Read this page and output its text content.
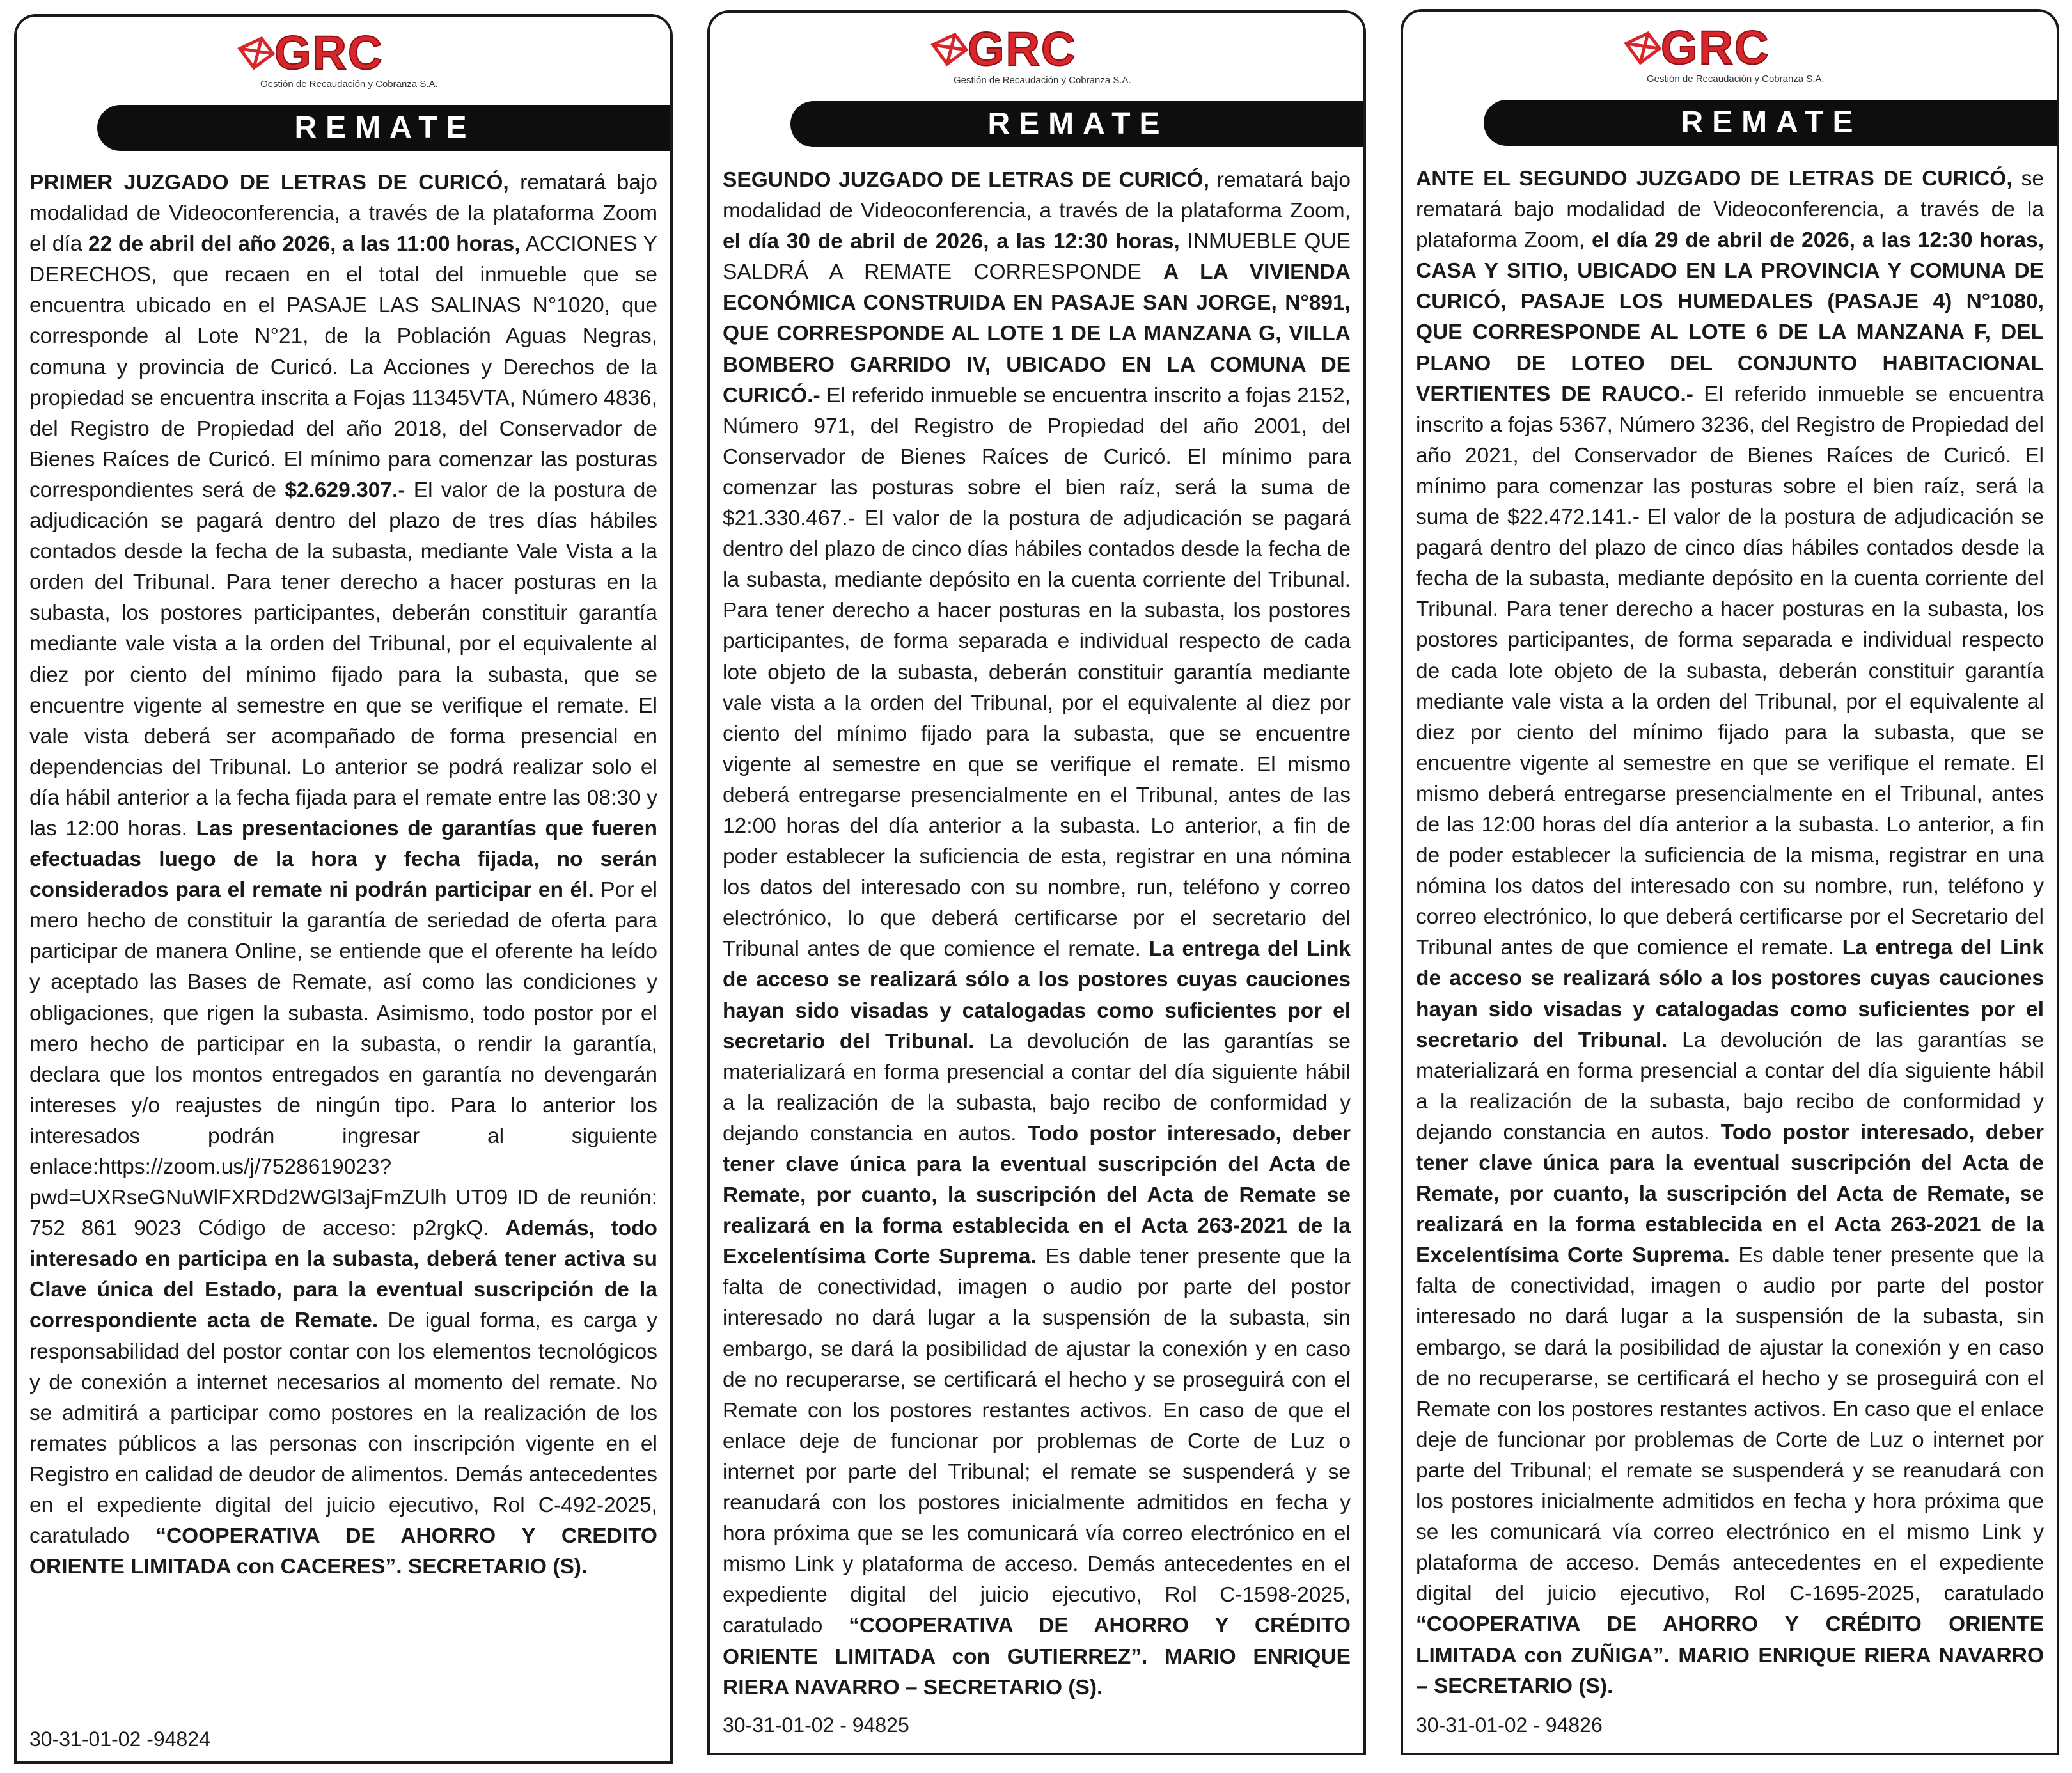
GRC
Gestión de Recaudación y Cobranza S.A.
REMATE
PRIMER JUZGADO DE LETRAS DE CURICÓ, rematará bajo modalidad de Videoconferencia, a través de la plataforma Zoom el día 22 de abril del año 2026, a las 11:00 horas, ACCIONES Y DERECHOS, que recaen en el total del inmueble que se encuentra ubicado en el PASAJE LAS SALINAS N°1020, que corresponde al Lote N°21, de la Población Aguas Negras, comuna y provincia de Curicó. La Acciones y Derechos de la propiedad se encuentra inscrita a Fojas 11345VTA, Número 4836, del Registro de Propiedad del año 2018, del Conservador de Bienes Raíces de Curicó. El mínimo para comenzar las posturas correspondientes será de $2.629.307.- El valor de la postura de adjudicación se pagará dentro del plazo de tres días hábiles contados desde la fecha de la subasta, mediante Vale Vista a la orden del Tribunal. Para tener derecho a hacer posturas en la subasta, los postores participantes, deberán constituir garantía mediante vale vista a la orden del Tribunal, por el equivalente al diez por ciento del mínimo fijado para la subasta, que se encuentre vigente al semestre en que se verifique el remate. El vale vista deberá ser acompañado de forma presencial en dependencias del Tribunal. Lo anterior se podrá realizar solo el día hábil anterior a la fecha fijada para el remate entre las 08:30 y las 12:00 horas. Las presentaciones de garantías que fueren efectuadas luego de la hora y fecha fijada, no serán considerados para el remate ni podrán participar en él. Por el mero hecho de constituir la garantía de seriedad de oferta para participar de manera Online, se entiende que el oferente ha leído y aceptado las Bases de Remate, así como las condiciones y obligaciones, que rigen la subasta. Asimismo, todo postor por el mero hecho de participar en la subasta, o rendir la garantía, declara que los montos entregados en garantía no devengarán intereses y/o reajustes de ningún tipo. Para lo anterior los interesados podrán ingresar al siguiente enlace:https://zoom.us/j/7528619023?pwd=UXRseGNuWlFXRDd2WGl3ajFmZUlh UT09 ID de reunión: 752 861 9023 Código de acceso: p2rgkQ. Además, todo interesado en participa en la subasta, deberá tener activa su Clave única del Estado, para la eventual suscripción de la correspondiente acta de Remate. De igual forma, es carga y responsabilidad del postor contar con los elementos tecnológicos y de conexión a internet necesarios al momento del remate. No se admitirá a participar como postores en la realización de los remates públicos a las personas con inscripción vigente en el Registro en calidad de deudor de alimentos. Demás antecedentes en el expediente digital del juicio ejecutivo, Rol C-492-2025, caratulado “COOPERATIVA DE AHORRO Y CREDITO ORIENTE LIMITADA con CACERES”. SECRETARIO (S).
30-31-01-02 -94824
GRC
Gestión de Recaudación y Cobranza S.A.
REMATE
SEGUNDO JUZGADO DE LETRAS DE CURICÓ, rematará bajo modalidad de Videoconferencia, a través de la plataforma Zoom, el día 30 de abril de 2026, a las 12:30 horas, INMUEBLE QUE SALDRÁ A REMATE CORRESPONDE A LA VIVIENDA ECONÓMICA CONSTRUIDA EN PASAJE SAN JORGE, N°891, QUE CORRESPONDE AL LOTE 1 DE LA MANZANA G, VILLA BOMBERO GARRIDO IV, UBICADO EN LA COMUNA DE CURICÓ.- El referido inmueble se encuentra inscrito a fojas 2152, Número 971, del Registro de Propiedad del año 2001, del Conservador de Bienes Raíces de Curicó. El mínimo para comenzar las posturas sobre el bien raíz, será la suma de $21.330.467.- El valor de la postura de adjudicación se pagará dentro del plazo de cinco días hábiles contados desde la fecha de la subasta, mediante depósito en la cuenta corriente del Tribunal. Para tener derecho a hacer posturas en la subasta, los postores participantes, de forma separada e individual respecto de cada lote objeto de la subasta, deberán constituir garantía mediante vale vista a la orden del Tribunal, por el equivalente al diez por ciento del mínimo fijado para la subasta, que se encuentre vigente al semestre en que se verifique el remate. El mismo deberá entregarse presencialmente en el Tribunal, antes de las 12:00 horas del día anterior a la subasta. Lo anterior, a fin de poder establecer la suficiencia de esta, registrar en una nómina los datos del interesado con su nombre, run, teléfono y correo electrónico, lo que deberá certificarse por el secretario del Tribunal antes de que comience el remate. La entrega del Link de acceso se realizará sólo a los postores cuyas cauciones hayan sido visadas y catalogadas como suficientes por el secretario del Tribunal. La devolución de las garantías se materializará en forma presencial a contar del día siguiente hábil a la realización de la subasta, bajo recibo de conformidad y dejando constancia en autos. Todo postor interesado, deber tener clave única para la eventual suscripción del Acta de Remate, por cuanto, la suscripción del Acta de Remate se realizará en la forma establecida en el Acta 263-2021 de la Excelentísima Corte Suprema. Es dable tener presente que la falta de conectividad, imagen o audio por parte del postor interesado no dará lugar a la suspensión de la subasta, sin embargo, se dará la posibilidad de ajustar la conexión y en caso de no recuperarse, se certificará el hecho y se proseguirá con el Remate con los postores restantes activos. En caso de que el enlace deje de funcionar por problemas de Corte de Luz o internet por parte del Tribunal; el remate se suspenderá y se reanudará con los postores inicialmente admitidos en fecha y hora próxima que se les comunicará vía correo electrónico en el mismo Link y plataforma de acceso. Demás antecedentes en el expediente digital del juicio ejecutivo, Rol C-1598-2025, caratulado “COOPERATIVA DE AHORRO Y CRÉDITO ORIENTE LIMITADA con GUTIERREZ”. MARIO ENRIQUE RIERA NAVARRO – SECRETARIO (S).
30-31-01-02 - 94825
GRC
Gestión de Recaudación y Cobranza S.A.
REMATE
ANTE EL SEGUNDO JUZGADO DE LETRAS DE CURICÓ, se rematará bajo modalidad de Videoconferencia, a través de la plataforma Zoom, el día 29 de abril de 2026, a las 12:30 horas, CASA Y SITIO, UBICADO EN LA PROVINCIA Y COMUNA DE CURICÓ, PASAJE LOS HUMEDALES (PASAJE 4) N°1080, QUE CORRESPONDE AL LOTE 6 DE LA MANZANA F, DEL PLANO DE LOTEO DEL CONJUNTO HABITACIONAL VERTIENTES DE RAUCO.- El referido inmueble se encuentra inscrito a fojas 5367, Número 3236, del Registro de Propiedad del año 2021, del Conservador de Bienes Raíces de Curicó. El mínimo para comenzar las posturas sobre el bien raíz, será la suma de $22.472.141.- El valor de la postura de adjudicación se pagará dentro del plazo de cinco días hábiles contados desde la fecha de la subasta, mediante depósito en la cuenta corriente del Tribunal. Para tener derecho a hacer posturas en la subasta, los postores participantes, de forma separada e individual respecto de cada lote objeto de la subasta, deberán constituir garantía mediante vale vista a la orden del Tribunal, por el equivalente al diez por ciento del mínimo fijado para la subasta, que se encuentre vigente al semestre en que se verifique el remate. El mismo deberá entregarse presencialmente en el Tribunal, antes de las 12:00 horas del día anterior a la subasta. Lo anterior, a fin de poder establecer la suficiencia de la misma, registrar en una nómina los datos del interesado con su nombre, run, teléfono y correo electrónico, lo que deberá certificarse por el Secretario del Tribunal antes de que comience el remate. La entrega del Link de acceso se realizará sólo a los postores cuyas cauciones hayan sido visadas y catalogadas como suficientes por el secretario del Tribunal. La devolución de las garantías se materializará en forma presencial a contar del día siguiente hábil a la realización de la subasta, bajo recibo de conformidad y dejando constancia en autos. Todo postor interesado, deber tener clave única para la eventual suscripción del Acta de Remate, por cuanto, la suscripción del Acta de Remate, se realizará en la forma establecida en el Acta 263-2021 de la Excelentísima Corte Suprema. Es dable tener presente que la falta de conectividad, imagen o audio por parte del postor interesado no dará lugar a la suspensión de la subasta, sin embargo, se dará la posibilidad de ajustar la conexión y en caso de no recuperarse, se certificará el hecho y se proseguirá con el Remate con los postores restantes activos. En caso que el enlace deje de funcionar por problemas de Corte de Luz o internet por parte del Tribunal; el remate se suspenderá y se reanudará con los postores inicialmente admitidos en fecha y hora próxima que se les comunicará vía correo electrónico en el mismo Link y plataforma de acceso. Demás antecedentes en el expediente digital del juicio ejecutivo, Rol C-1695-2025, caratulado “COOPERATIVA DE AHORRO Y CRÉDITO ORIENTE LIMITADA con ZUÑIGA”. MARIO ENRIQUE RIERA NAVARRO – SECRETARIO (S).
30-31-01-02 - 94826
